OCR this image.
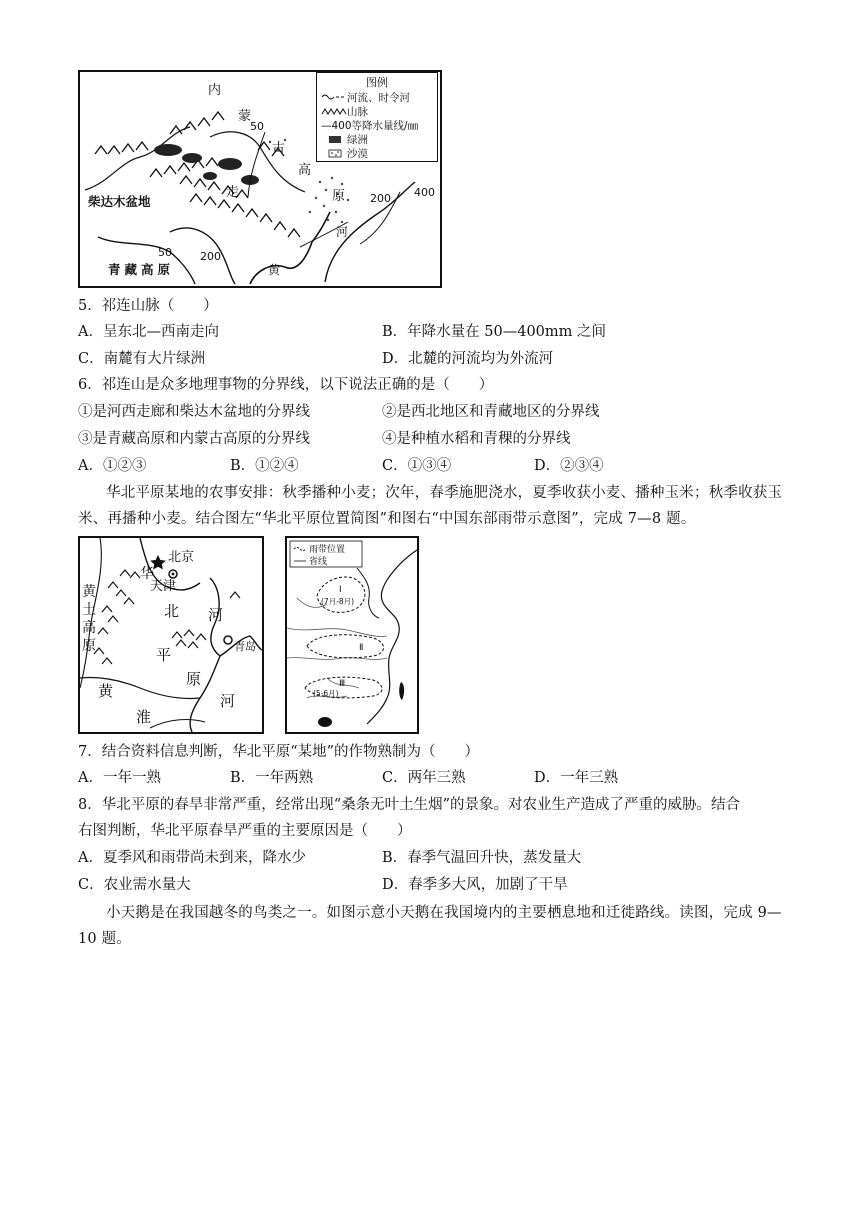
内
蒙
古
高
原
走
柴达木盆地
青藏高原
河
黄
50
50	200
200 400
图例
河流、时令河
山脉
—400等降水量线/㎜
绿洲
沙漠
5．祁连山脉（　　）
A．呈东北—西南走向	B．年降水量在 50—400mm 之间
C．南麓有大片绿洲	D．北麓的河流均为外流河
6．祁连山是众多地理事物的分界线，以下说法正确的是（　　）
①是河西走廊和柴达木盆地的分界线	②是西北地区和青藏地区的分界线
③是青藏高原和内蒙古高原的分界线	④是种植水稻和青稞的分界线
A．①②③	B．①②④	C．①③④	D．②③④
华北平原某地的农事安排：秋季播种小麦；次年，春季施肥浇水，夏季收获小麦、播种玉米；秋季收获玉米、再播种小麦。结合图左“华北平原位置简图”和图右“中国东部雨带示意图”，完成 7—8 题。
北京
天津
华
北 河
平
原
河
黄
淮
黄
土
高
原	青岛
雨带位置
省线
Ⅰ
(7月-8月)
Ⅱ
Ⅲ
(5-6月)
7．结合资料信息判断，华北平原“某地”的作物熟制为（　　）
A．一年一熟	B．一年两熟	C．两年三熟	D．一年三熟
8．华北平原的春旱非常严重，经常出现“桑条无叶土生烟”的景象。对农业生产造成了严重的威胁。结合
右图判断，华北平原春旱严重的主要原因是（　　）
A．夏季风和雨带尚未到来，降水少	B．春季气温回升快，蒸发量大
C．农业需水量大	D．春季多大风，加剧了干旱
小天鹅是在我国越冬的鸟类之一。如图示意小天鹅在我国境内的主要栖息地和迁徙路线。读图，完成 9—10 题。
